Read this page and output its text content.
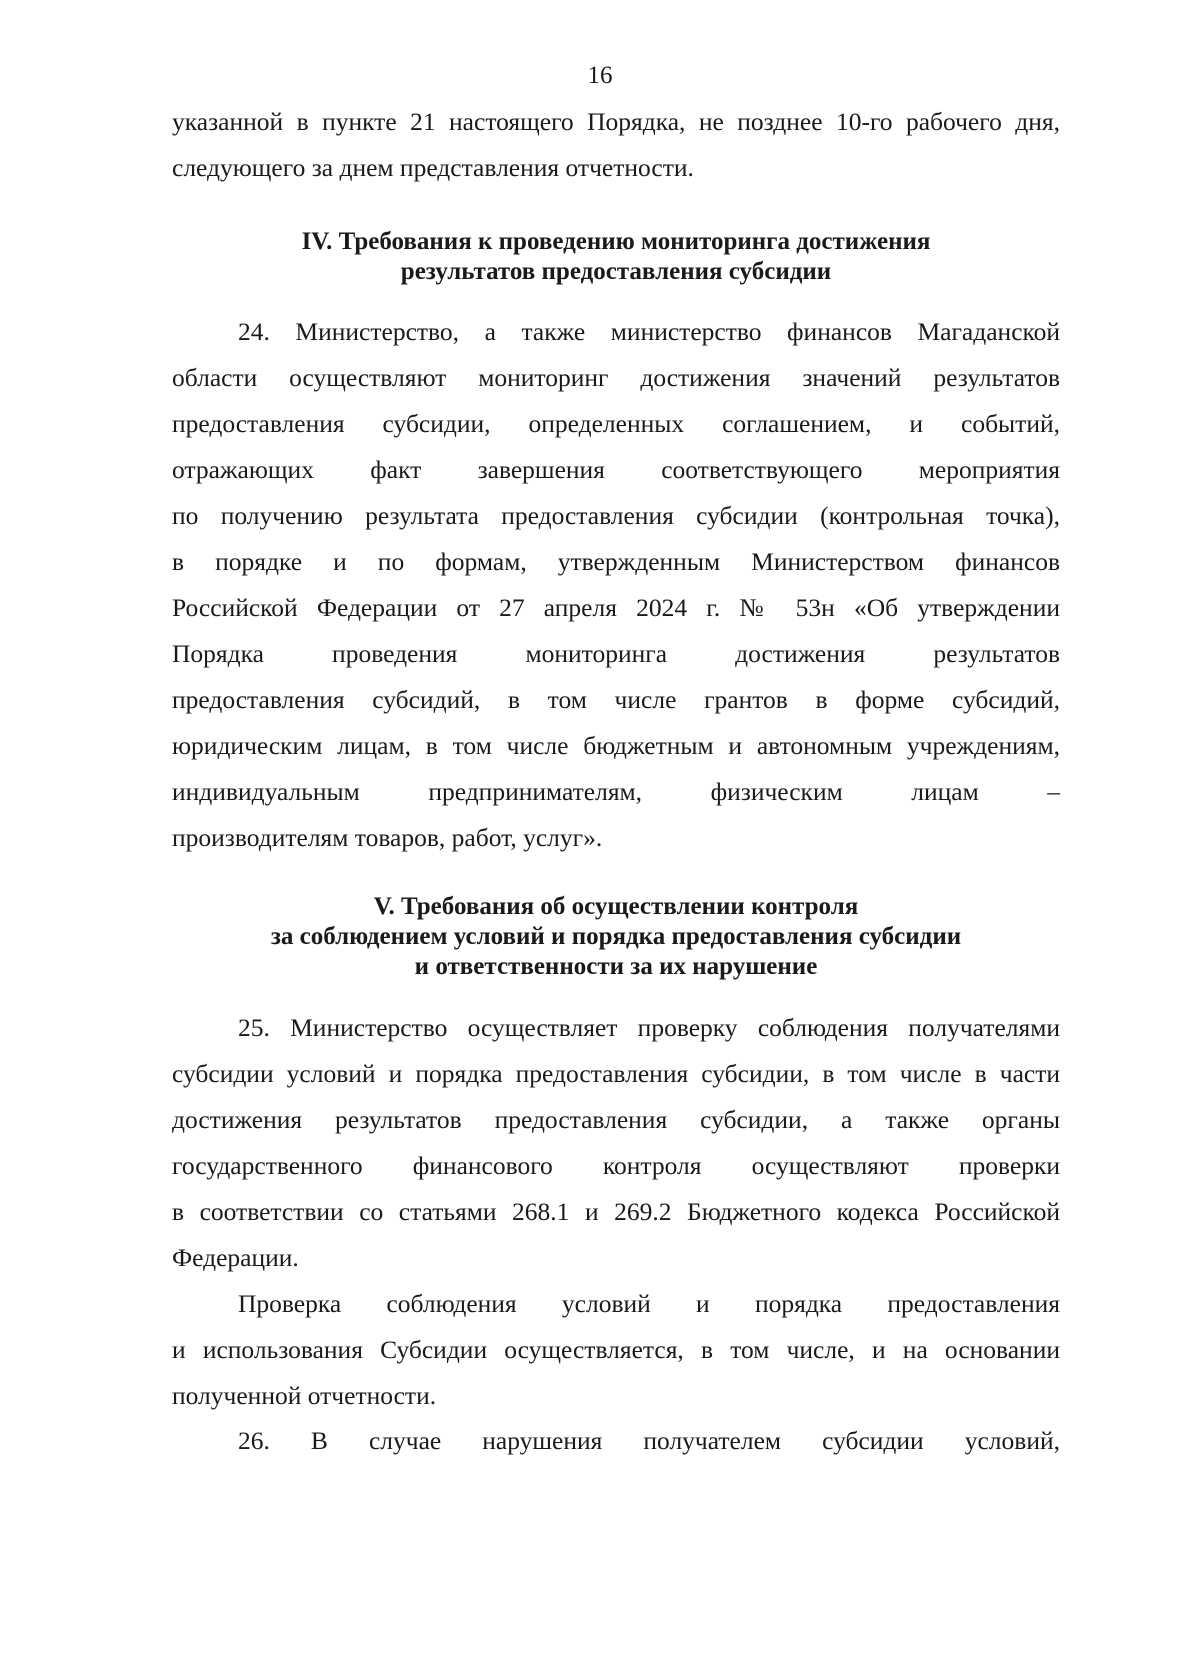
16
указанной в пункте 21 настоящего Порядка, не позднее 10-го рабочего дня,
следующего за днем представления отчетности.
IV. Требования к проведению мониторинга достижения
результатов предоставления субсидии
24. Министерство, а также министерство финансов Магаданской
области осуществляют мониторинг достижения значений результатов
предоставления субсидии, определенных соглашением, и событий,
отражающих факт завершения соответствующего мероприятия
по получению результата предоставления субсидии (контрольная точка),
в порядке и по формам, утвержденным Министерством финансов
Российской Федерации от 27 апреля 2024 г. № 53н «Об утверждении
Порядка проведения мониторинга достижения результатов
предоставления субсидий, в том числе грантов в форме субсидий,
юридическим лицам, в том числе бюджетным и автономным учреждениям,
индивидуальным предпринимателям, физическим лицам –
производителям товаров, работ, услуг».
V. Требования об осуществлении контроля
за соблюдением условий и порядка предоставления субсидии
и ответственности за их нарушение
25. Министерство осуществляет проверку соблюдения получателями
субсидии условий и порядка предоставления субсидии, в том числе в части
достижения результатов предоставления субсидии, а также органы
государственного финансового контроля осуществляют проверки
в соответствии со статьями 268.1 и 269.2 Бюджетного кодекса Российской
Федерации.
Проверка соблюдения условий и порядка предоставления
и использования Субсидии осуществляется, в том числе, и на основании
полученной отчетности.
26. В случае нарушения получателем субсидии условий,
